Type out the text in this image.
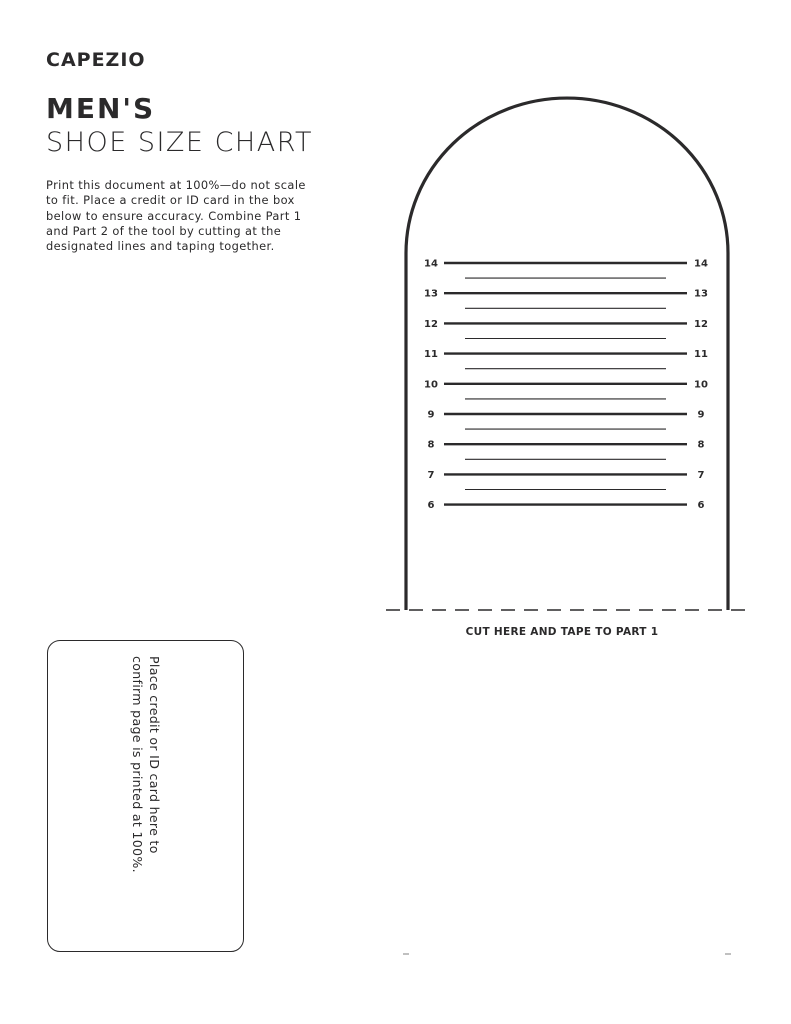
CAPEZIO
MEN'S
SHOE SIZE CHART
Print this document at 100%—do not scale
to fit. Place a credit or ID card in the box
below to ensure accuracy. Combine Part 1
and Part 2 of the tool by cutting at the
designated lines and taping together.
Place credit or ID card here to
confirm page is printed at 100%.
14	14
13	13
12	12
11	11
10	10
9	9
8	8
7	7
6	6
CUT HERE AND TAPE TO PART 1
